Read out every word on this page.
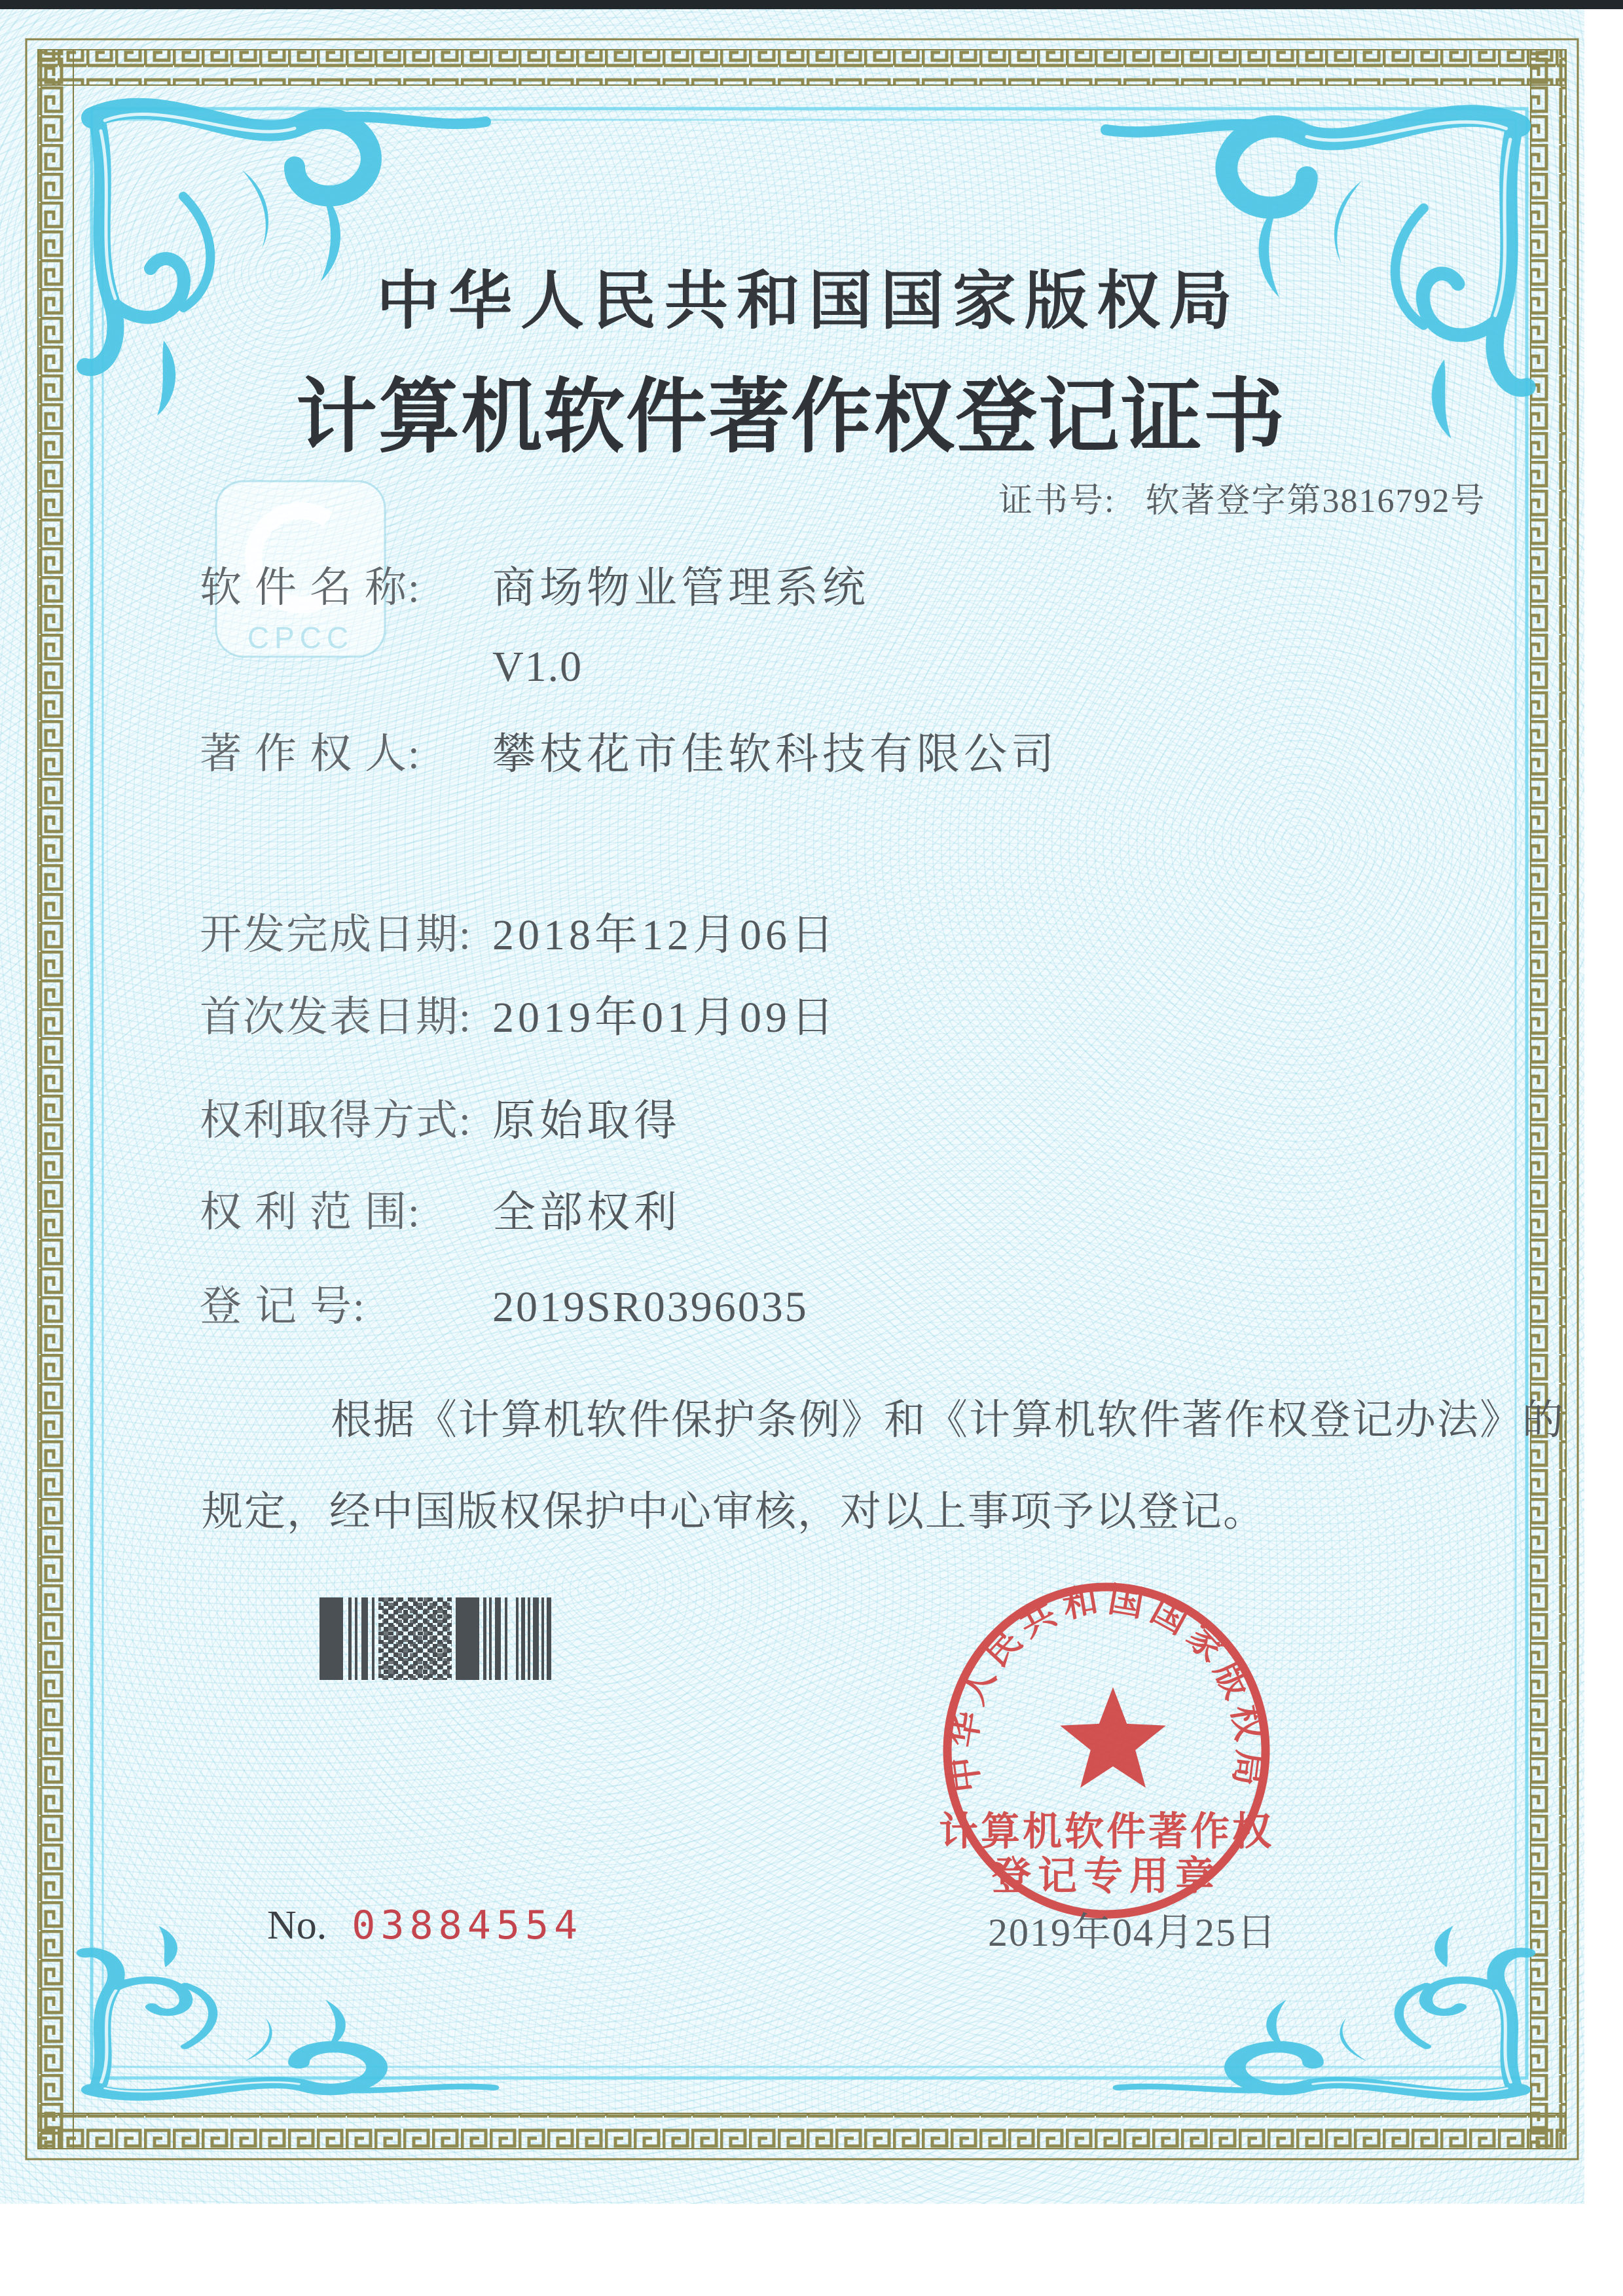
CPCC
中华人民共和国国家版权局
计算机软件著作权
登记专用章
2019年04月25日
中华人民共和国国家版权局
计算机软件著作权登记证书
证书号: 软著登字第3816792号
软 件 名 称: 商场物业管理系统
V1.0
著 作 权 人: 攀枝花市佳软科技有限公司
开发完成日期: 2018年12月06日
首次发表日期: 2019年01月09日
权利取得方式: 原始取得
权 利 范 围: 全部权利
登 记 号:	2019SR0396035
根据《计算机软件保护条例》和《计算机软件著作权登记办法》的
规定，经中国版权保护中心审核，对以上事项予以登记。
No. 03884554
